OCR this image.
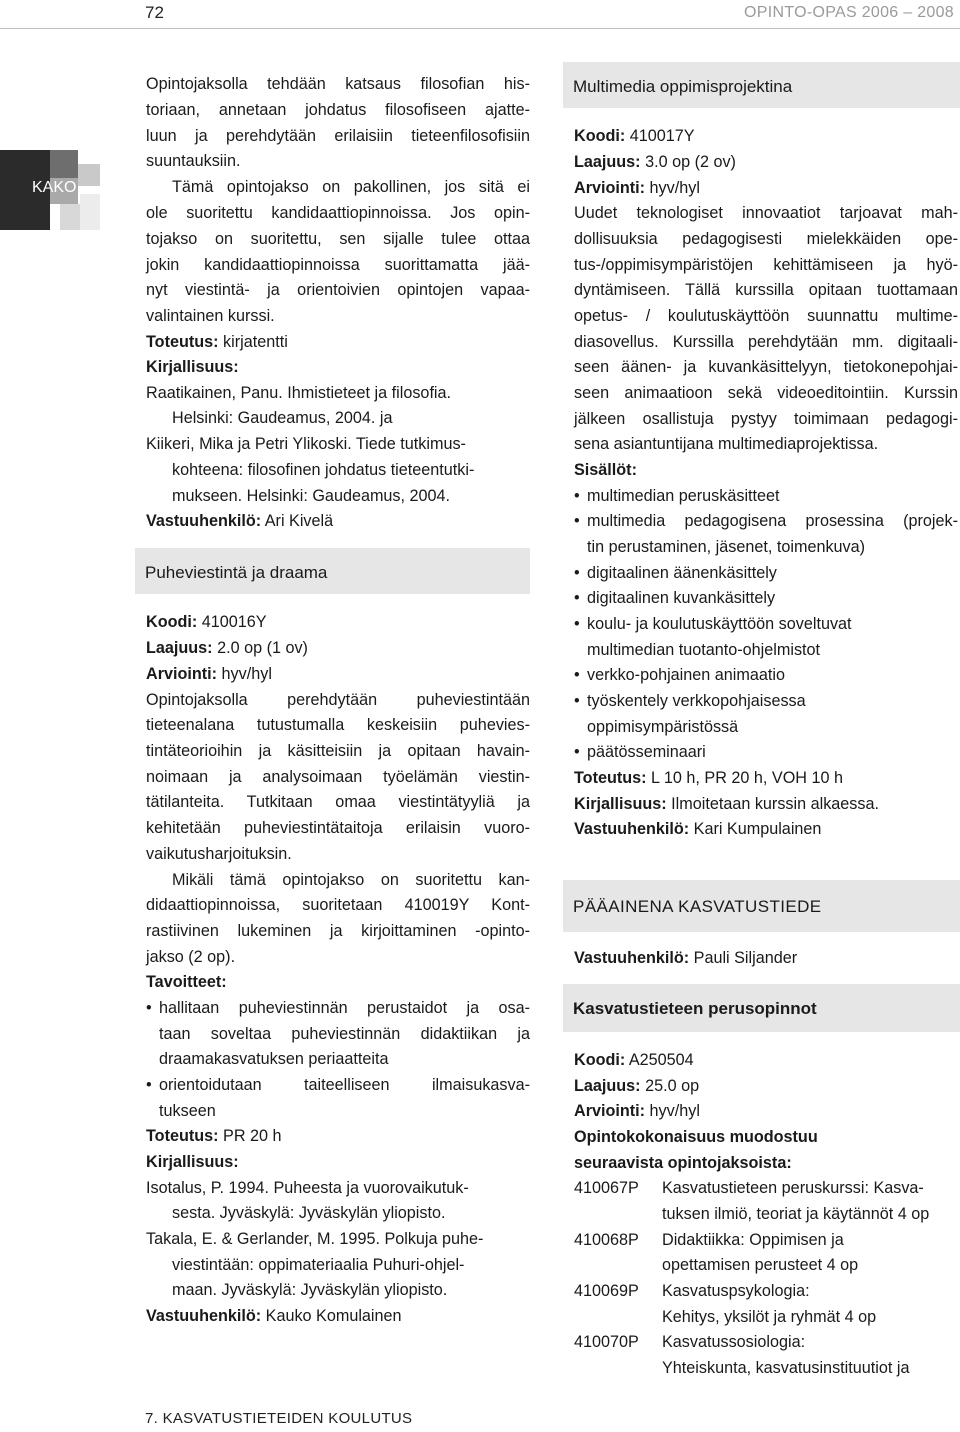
72	OPINTO-OPAS 2006 – 2008
KAKO
Opintojaksolla tehdään katsaus filosofian his-
toriaan, annetaan johdatus filosofiseen ajatte-
luun ja perehdytään erilaisiin tieteenfilosofisiin
suuntauksiin.
Tämä opintojakso on pakollinen, jos sitä ei
ole suoritettu kandidaattiopinnoissa. Jos opin-
tojakso on suoritettu, sen sijalle tulee ottaa
jokin kandidaattiopinnoissa suorittamatta jää-
nyt viestintä- ja orientoivien opintojen vapaa-
valintainen kurssi.
Toteutus: kirjatentti
Kirjallisuus:
Raatikainen, Panu. Ihmistieteet ja filosofia.
Helsinki: Gaudeamus, 2004. ja
Kiikeri, Mika ja Petri Ylikoski. Tiede tutkimus-
kohteena: filosofinen johdatus tieteentutki-
mukseen. Helsinki: Gaudeamus, 2004.
Vastuuhenkilö: Ari Kivelä
Puheviestintä ja draama
Koodi: 410016Y
Laajuus: 2.0 op (1 ov)
Arviointi: hyv/hyl
Opintojaksolla perehdytään puheviestintään
tieteenalana tutustumalla keskeisiin puhevies-
tintäteorioihin ja käsitteisiin ja opitaan havain-
noimaan ja analysoimaan työelämän viestin-
tätilanteita. Tutkitaan omaa viestintätyyliä ja
kehitetään puheviestintätaitoja erilaisin vuoro-
vaikutusharjoituksin.
Mikäli tämä opintojakso on suoritettu kan-
didaattiopinnoissa, suoritetaan 410019Y Kont-
rastiivinen lukeminen ja kirjoittaminen -opinto-
jakso (2 op).
Tavoitteet:
• hallitaan puheviestinnän perustaidot ja osa-
taan soveltaa puheviestinnän didaktiikan ja
draamakasvatuksen periaatteita
• orientoidutaan taiteelliseen ilmaisukasva-
tukseen
Toteutus: PR 20 h
Kirjallisuus:
Isotalus, P. 1994. Puheesta ja vuorovaikutuk-
sesta. Jyväskylä: Jyväskylän yliopisto.
Takala, E. & Gerlander, M. 1995. Polkuja puhe-
viestintään: oppimateriaalia Puhuri-ohjel-
maan. Jyväskylä: Jyväskylän yliopisto.
Vastuuhenkilö: Kauko Komulainen
Multimedia oppimisprojektina
Koodi: 410017Y
Laajuus: 3.0 op (2 ov)
Arviointi: hyv/hyl
Uudet teknologiset innovaatiot tarjoavat mah-
dollisuuksia pedagogisesti mielekkäiden ope-
tus-/oppimisympäristöjen kehittämiseen ja hyö-
dyntämiseen. Tällä kurssilla opitaan tuottamaan
opetus- / koulutuskäyttöön suunnattu multime-
diasovellus. Kurssilla perehdytään mm. digitaali-
seen äänen- ja kuvankäsittelyyn, tietokonepohjai-
seen animaatioon sekä videoeditointiin. Kurssin
jälkeen osallistuja pystyy toimimaan pedagogi-
sena asiantuntijana multimediaprojektissa.
Sisällöt:
• multimedian peruskäsitteet
• multimedia pedagogisena prosessina (projek-
tin perustaminen, jäsenet, toimenkuva)
• digitaalinen äänenkäsittely
• digitaalinen kuvankäsittely
• koulu- ja koulutuskäyttöön soveltuvat
multimedian tuotanto-ohjelmistot
• verkko-pohjainen animaatio
• työskentely verkkopohjaisessa
oppimisympäristössä
• päätösseminaari
Toteutus: L 10 h, PR 20 h, VOH 10 h
Kirjallisuus: Ilmoitetaan kurssin alkaessa.
Vastuuhenkilö: Kari Kumpulainen
PÄÄAINENA KASVATUSTIEDE
Vastuuhenkilö: Pauli Siljander
Kasvatustieteen perusopinnot
Koodi: A250504
Laajuus: 25.0 op
Arviointi: hyv/hyl
Opintokokonaisuus muodostuu
seuraavista opintojaksoista:
410067P Kasvatustieteen peruskurssi: Kasva-
tuksen ilmiö, teoriat ja käytännöt 4 op
410068P Didaktiikka: Oppimisen ja
opettamisen perusteet 4 op
410069P Kasvatuspsykologia:
Kehitys, yksilöt ja ryhmät 4 op
410070P Kasvatussosiologia:
Yhteiskunta, kasvatusinstituutiot ja
7. KASVATUSTIETEIDEN KOULUTUS
